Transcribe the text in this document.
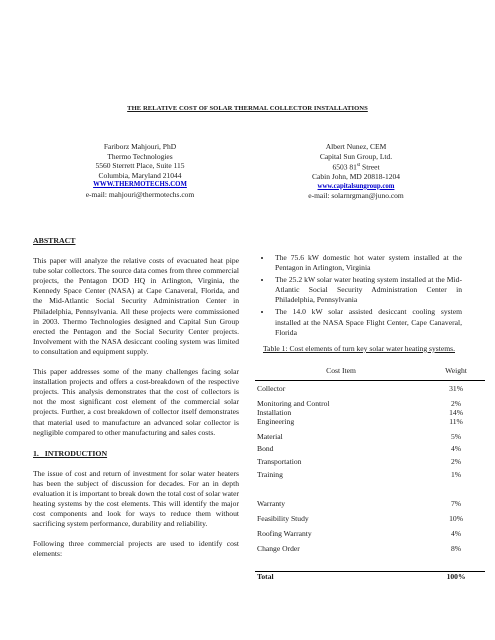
THE RELATIVE COST OF SOLAR THERMAL COLLECTOR INSTALLATIONS
Fariborz Mahjouri, PhD
Thermo Technologies
5560 Sterrett Place, Suite 115
Columbia, Maryland 21044
WWW.THERMOTECHS.COM
e-mail: mahjouri@thermotechs.com
Albert Nunez, CEM
Capital Sun Group, Ltd.
6503 81st Street
Cabin John, MD 20818-1204
www.capitalsungroup.com
e-mail: solarnrgman@juno.com
ABSTRACT

This paper will analyze the relative costs of evacuated heat pipe tube solar collectors. The source data comes from three commercial projects, the Pentagon DOD HQ in Arlington, Virginia, the Kennedy Space Center (NASA) at Cape Canaveral, Florida, and the Mid-Atlantic Social Security Administration Center in Philadelphia, Pennsylvania. All these projects were commissioned in 2003. Thermo Technologies designed and Capital Sun Group erected the Pentagon and the Social Security Center projects. Involvement with the NASA desiccant cooling system was limited to consultation and equipment supply.

This paper addresses some of the many challenges facing solar installation projects and offers a cost-breakdown of the respective projects. This analysis demonstrates that the cost of collectors is not the most significant cost element of the commercial solar projects. Further, a cost breakdown of collector itself demonstrates that material used to manufacture an advanced solar collector is negligible compared to other manufacturing and sales costs.

1.   INTRODUCTION

The issue of cost and return of investment for solar water heaters has been the subject of discussion for decades. For an in depth evaluation it is important to break down the total cost of solar water heating systems by the cost elements. This will identify the major cost components and look for ways to reduce them without sacrificing system performance, durability and reliability.

Following three commercial projects are used to identify cost elements:

• The 75.6 kW domestic hot water system installed at the Pentagon in Arlington, Virginia
• The 25.2 kW solar water heating system installed at the Mid-Atlantic Social Security Administration Center in Philadelphia, Pennsylvania
• The 14.0 kW solar assisted desiccant cooling system installed at the NASA Space Flight Center, Cape Canaveral, Florida
Table 1: Cost elements of turn key solar water heating systems.
Cost Item	Weight
Collector	31%
Monitoring and Control	2%
Installation	14%
Engineering	11%
Material	5%
Bond	4%
Transportation	2%
Training	1%
Warranty	7%
Feasibility Study	10%
Roofing Warranty	4%
Change Order	8%
Total	100%
